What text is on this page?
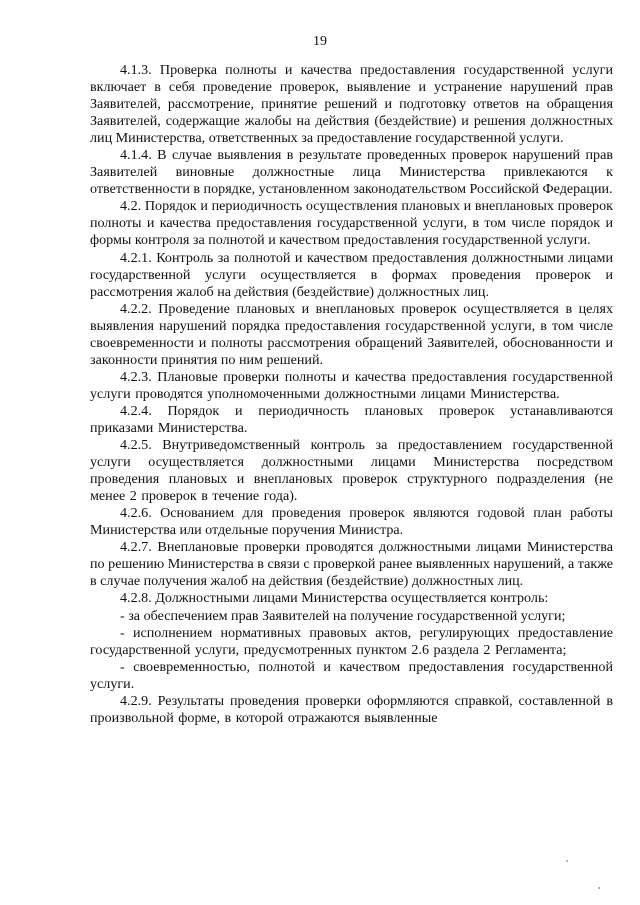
19

4.1.3. Проверка полноты и качества предоставления государственной услуги включает в себя проведение проверок, выявление и устранение нарушений прав Заявителей, рассмотрение, принятие решений и подготовку ответов на обращения Заявителей, содержащие жалобы на действия (бездействие) и решения должностных лиц Министерства, ответственных за предоставление государственной услуги.

4.1.4. В случае выявления в результате проведенных проверок нарушений прав Заявителей виновные должностные лица Министерства привлекаются к ответственности в порядке, установленном законодательством Российской Федерации.

4.2. Порядок и периодичность осуществления плановых и внеплановых проверок полноты и качества предоставления государственной услуги, в том числе порядок и формы контроля за полнотой и качеством предоставления государственной услуги.

4.2.1. Контроль за полнотой и качеством предоставления должностными лицами государственной услуги осуществляется в формах проведения проверок и рассмотрения жалоб на действия (бездействие) должностных лиц.

4.2.2. Проведение плановых и внеплановых проверок осуществляется в целях выявления нарушений порядка предоставления государственной услуги, в том числе своевременности и полноты рассмотрения обращений Заявителей, обоснованности и законности принятия по ним решений.

4.2.3. Плановые проверки полноты и качества предоставления государственной услуги проводятся уполномоченными должностными лицами Министерства.

4.2.4. Порядок и периодичность плановых проверок устанавливаются приказами Министерства.

4.2.5. Внутриведомственный контроль за предоставлением государственной услуги осуществляется должностными лицами Министерства посредством проведения плановых и внеплановых проверок структурного подразделения (не менее 2 проверок в течение года).

4.2.6. Основанием для проведения проверок являются годовой план работы Министерства или отдельные поручения Министра.

4.2.7. Внеплановые проверки проводятся должностными лицами Министерства по решению Министерства в связи с проверкой ранее выявленных нарушений, а также в случае получения жалоб на действия (бездействие) должностных лиц.

4.2.8. Должностными лицами Министерства осуществляется контроль:

- за обеспечением прав Заявителей на получение государственной услуги;

- исполнением нормативных правовых актов, регулирующих предоставление государственной услуги, предусмотренных пунктом 2.6 раздела 2 Регламента;

- своевременностью, полнотой и качеством предоставления государственной услуги.

4.2.9. Результаты проведения проверки оформляются справкой, составленной в произвольной форме, в которой отражаются выявленные
